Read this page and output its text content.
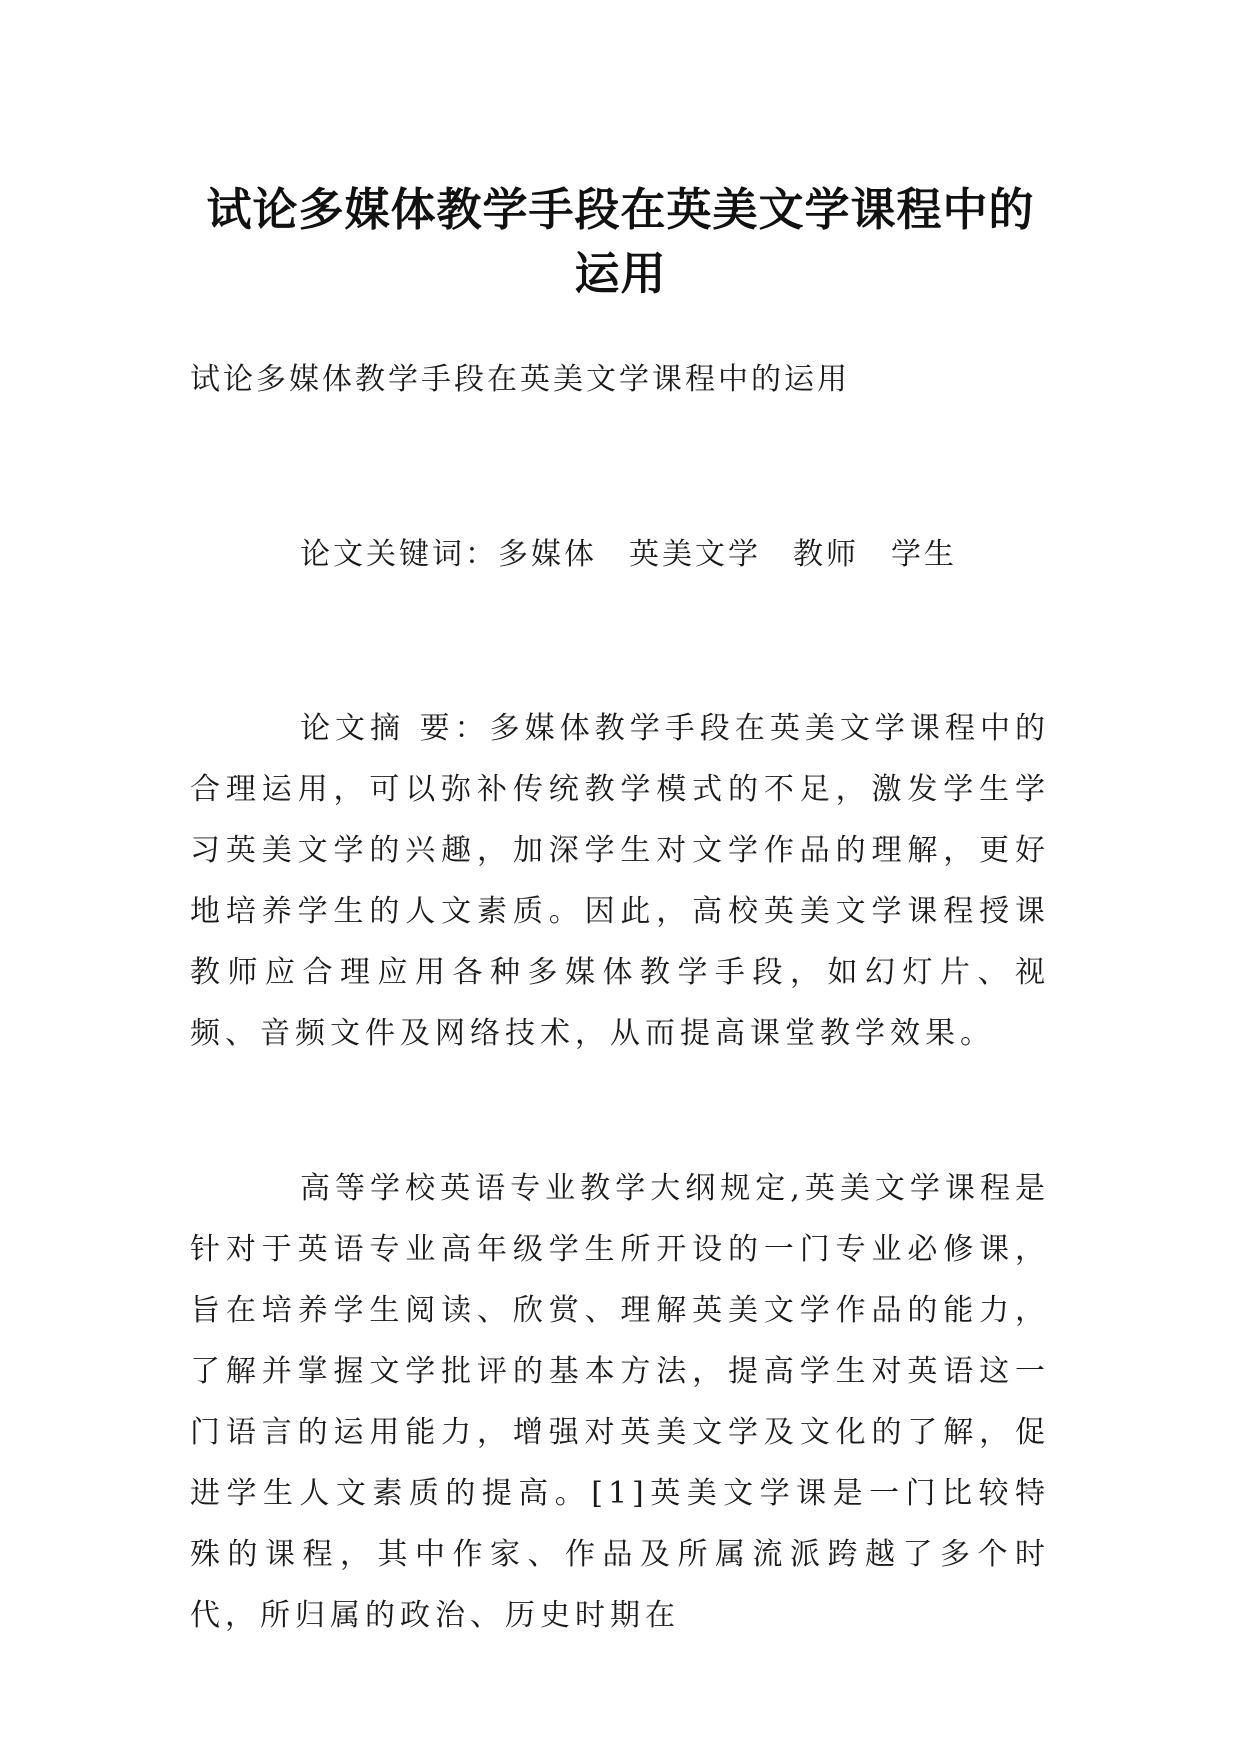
试论多媒体教学手段在英美文学课程中的
运用
试论多媒体教学手段在英美文学课程中的运用
论文关键词：多媒体 英美文学 教师 学生

论文摘 要：多媒体教学手段在英美文学课程中的合理运用，可以弥补传统教学模式的不足，激发学生学习英美文学的兴趣，加深学生对文学作品的理解，更好地培养学生的人文素质。因此，高校英美文学课程授课教师应合理应用各种多媒体教学手段，如幻灯片、视频、音频文件及网络技术，从而提高课堂教学效果。

高等学校英语专业教学大纲规定,英美文学课程是针对于英语专业高年级学生所开设的一门专业必修课，旨在培养学生阅读、欣赏、理解英美文学作品的能力，了解并掌握文学批评的基本方法，提高学生对英语这一门语言的运用能力，增强对英美文学及文化的了解，促进学生人文素质的提高。[1]英美文学课是一门比较特殊的课程，其中作家、作品及所属流派跨越了多个时代，所归属的政治、历史时期在
